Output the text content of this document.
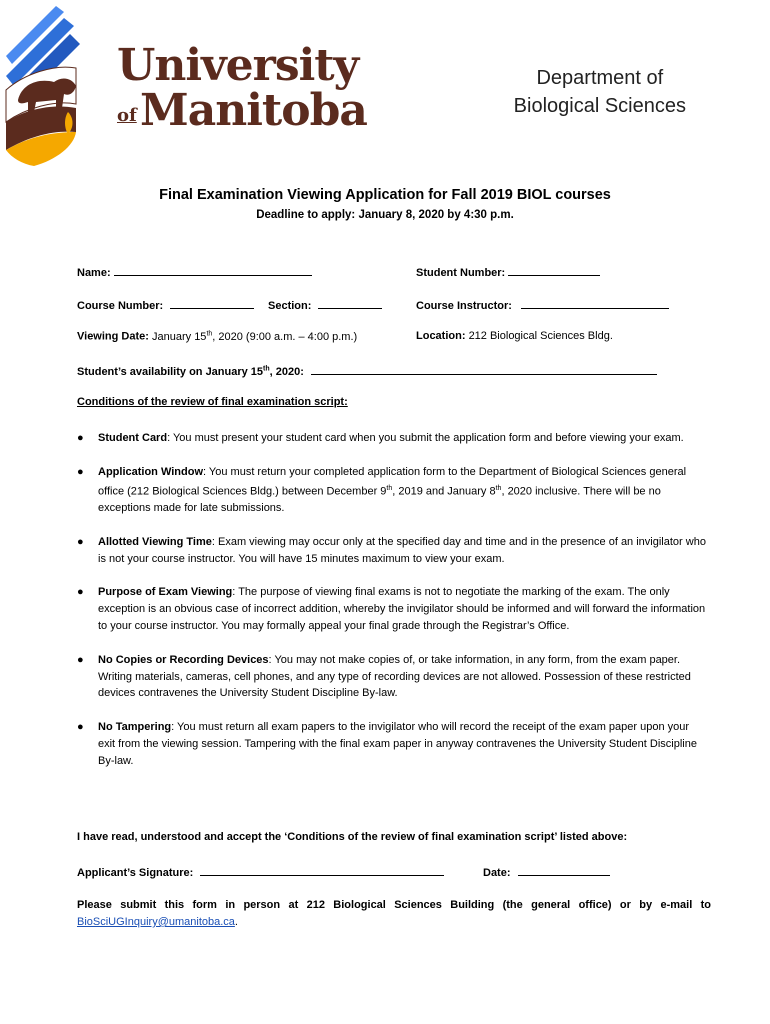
University
of Manitoba
Department of
Biological Sciences
Final Examination Viewing Application for Fall 2019 BIOL courses
Deadline to apply: January 8, 2020 by 4:30 p.m.
Name:	Student Number:
Course Number:	Section:	Course Instructor:
Viewing Date: January 15th, 2020 (9:00 a.m. – 4:00 p.m.)	Location: 212 Biological Sciences Bldg.
Student’s availability on January 15th, 2020:
Conditions of the review of final examination script:
● Student Card: You must present your student card when you submit the application form and before viewing your exam.
● Application Window: You must return your completed application form to the Department of Biological Sciences general office (212 Biological Sciences Bldg.) between December 9th, 2019 and January 8th, 2020 inclusive. There will be no exceptions made for late submissions.
● Allotted Viewing Time: Exam viewing may occur only at the specified day and time and in the presence of an invigilator who is not your course instructor. You will have 15 minutes maximum to view your exam.
● Purpose of Exam Viewing: The purpose of viewing final exams is not to negotiate the marking of the exam. The only exception is an obvious case of incorrect addition, whereby the invigilator should be informed and will forward the information to your course instructor. You may formally appeal your final grade through the Registrar’s Office.
● No Copies or Recording Devices: You may not make copies of, or take information, in any form, from the exam paper. Writing materials, cameras, cell phones, and any type of recording devices are not allowed. Possession of these restricted devices contravenes the University Student Discipline By-law.
● No Tampering: You must return all exam papers to the invigilator who will record the receipt of the exam paper upon your exit from the viewing session. Tampering with the final exam paper in anyway contravenes the University Student Discipline By-law.
I have read, understood and accept the ‘Conditions of the review of final examination script’ listed above:
Applicant’s Signature:	Date:
Please submit this form in person at 212 Biological Sciences Building (the general office) or by e-mail to BioSciUGInquiry@umanitoba.ca.
